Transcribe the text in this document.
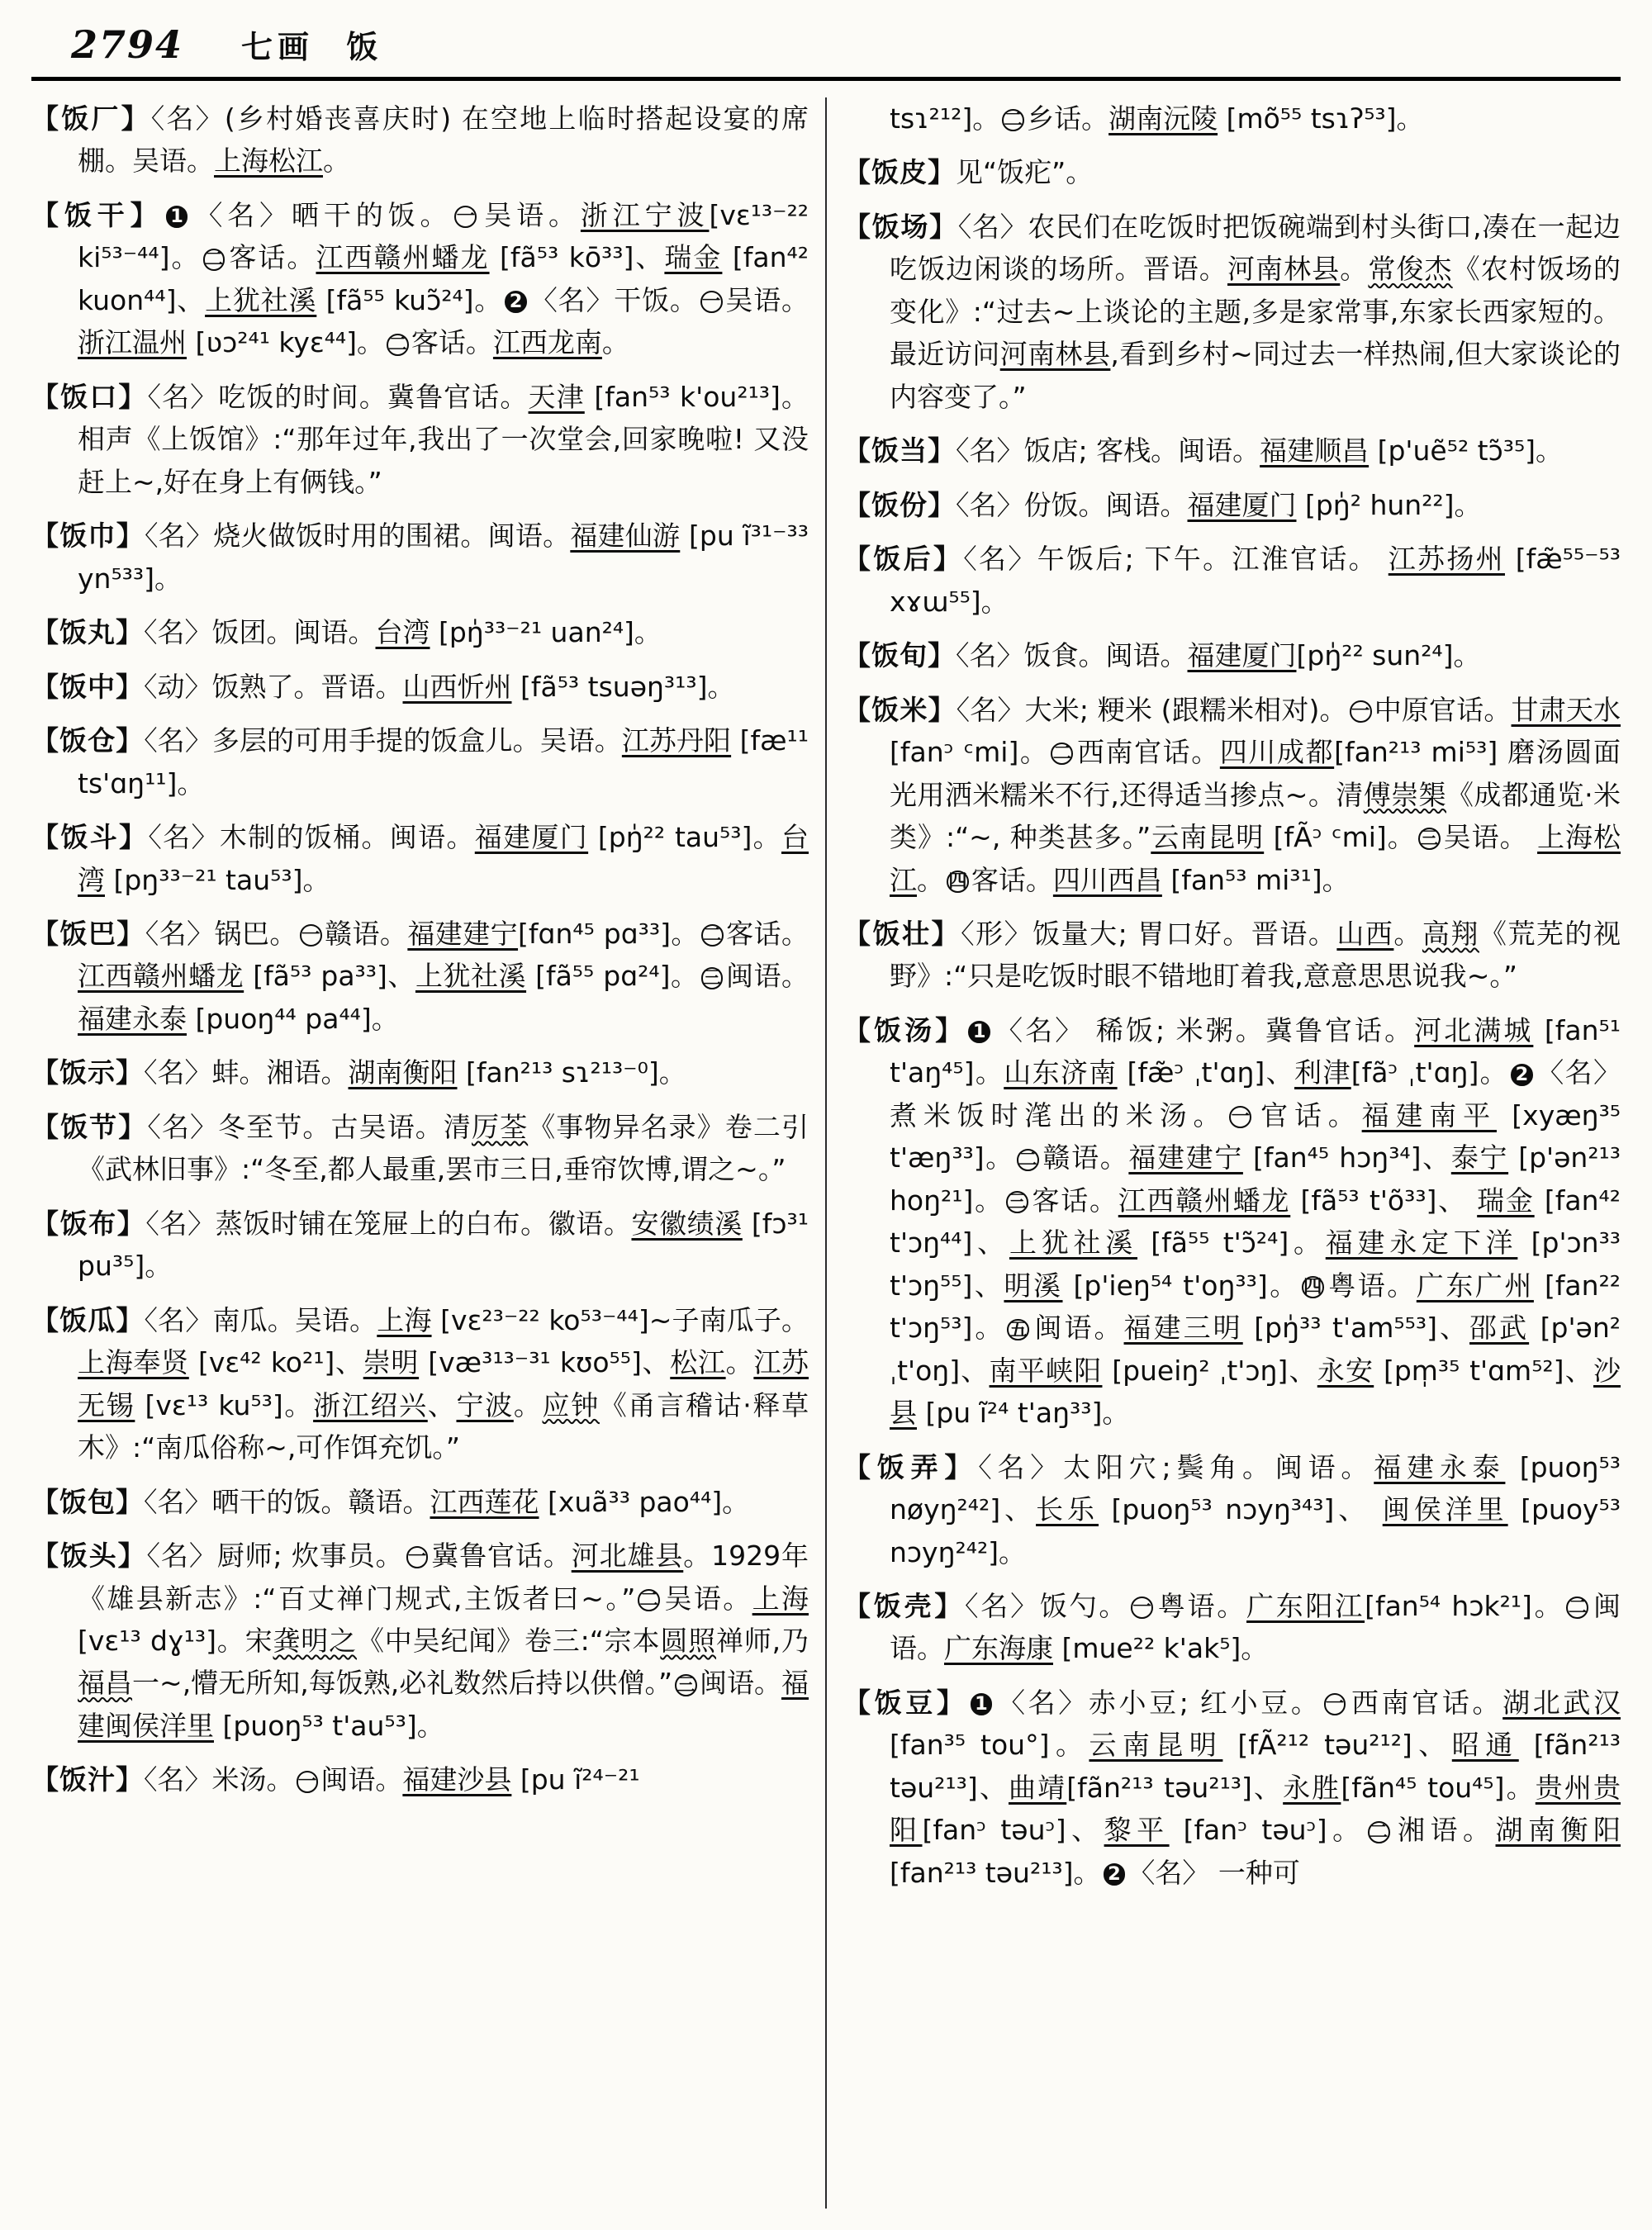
2794 七画 饭
【饭厂】〈名〉(乡村婚丧喜庆时) 在空地上临时搭起设宴的席棚。吴语。上海松江。
【饭干】 1 〈名〉晒干的饭。 一 吴语。浙江宁波[vɛ¹³⁻²² ki⁵³⁻⁴⁴]。 二 客话。江西赣州蟠龙 [fã⁵³ kō³³]、瑞金 [fan⁴² kuon⁴⁴]、上犹社溪 [fã⁵⁵ kuɔ̃²⁴]。 2 〈名〉干饭。 一 吴语。浙江温州 [ʋɔ²⁴¹ kyɛ⁴⁴]。 二 客话。江西龙南。
【饭口】〈名〉吃饭的时间。冀鲁官话。天津 [fan⁵³ k'ou²¹³]。相声《上饭馆》:“那年过年,我出了一次堂会,回家晚啦! 又没赶上~,好在身上有俩钱。”
【饭巾】〈名〉烧火做饭时用的围裙。闽语。福建仙游 [pu ĩ³¹⁻³³ yn⁵³³]。
【饭丸】〈名〉饭团。闽语。台湾 [pŋ̍³³⁻²¹ uan²⁴]。
【饭中】〈动〉饭熟了。晋语。山西忻州 [fã⁵³ tsuəŋ³¹³]。
【饭仓】〈名〉多层的可用手提的饭盒儿。吴语。江苏丹阳 [fæ¹¹ ts'ɑŋ¹¹]。
【饭斗】〈名〉木制的饭桶。闽语。福建厦门 [pŋ̍²² tau⁵³]。台湾 [pŋ³³⁻²¹ tau⁵³]。
【饭巴】〈名〉锅巴。 一 赣语。福建建宁[fɑn⁴⁵ pɑ³³]。 二 客话。江西赣州蟠龙 [fã⁵³ pa³³]、上犹社溪 [fã⁵⁵ pɑ²⁴]。 三 闽语。福建永泰 [puoŋ⁴⁴ pa⁴⁴]。
【饭示】〈名〉蚌。湘语。湖南衡阳 [fan²¹³ sɿ²¹³⁻⁰]。
【饭节】〈名〉冬至节。古吴语。清厉荃《事物异名录》卷二引《武林旧事》:“冬至,都人最重,罢市三日,垂帘饮博,谓之~。”
【饭布】〈名〉蒸饭时铺在笼屉上的白布。徽语。安徽绩溪 [fɔ³¹ pu³⁵]。
【饭瓜】〈名〉南瓜。吴语。上海 [vɛ²³⁻²² ko⁵³⁻⁴⁴]~子南瓜子。上海奉贤 [vɛ⁴² ko²¹]、崇明 [væ³¹³⁻³¹ kʊo⁵⁵]、松江。江苏无锡 [vɛ¹³ ku⁵³]。浙江绍兴、宁波。应钟《甬言稽诂·释草木》:“南瓜俗称~,可作饵充饥。”
【饭包】〈名〉晒干的饭。赣语。江西莲花 [xuã³³ pao⁴⁴]。
【饭头】〈名〉厨师; 炊事员。 一 冀鲁官话。河北雄县。1929年《雄县新志》:“百丈禅门规式,主饭者曰~。” 二 吴语。上海 [vɛ¹³ dɣ¹³]。宋龚明之《中吴纪闻》卷三:“宗本圆照禅师,乃福昌一~,懵无所知,每饭熟,必礼数然后持以供僧。” 三 闽语。福建闽侯洋里 [puoŋ⁵³ t'au⁵³]。
【饭汁】〈名〉米汤。 一 闽语。福建沙县 [pu ĩ²⁴⁻²¹
tsɿ²¹²]。 二 乡话。湖南沅陵 [mõ⁵⁵ tsɿʔ⁵³]。
【饭皮】见“饭疕”。
【饭场】〈名〉农民们在吃饭时把饭碗端到村头街口,凑在一起边吃饭边闲谈的场所。晋语。河南林县。常俊杰《农村饭场的变化》:“过去~上谈论的主题,多是家常事,东家长西家短的。最近访问河南林县,看到乡村~同过去一样热闹,但大家谈论的内容变了。”
【饭当】〈名〉饭店; 客栈。闽语。福建顺昌 [p'uẽ⁵² tɔ̃³⁵]。
【饭份】〈名〉份饭。闽语。福建厦门 [pŋ̍² hun²²]。
【饭后】〈名〉午饭后; 下午。江淮官话。 江苏扬州 [fæ̃⁵⁵⁻⁵³ xɤɯ⁵⁵]。
【饭旬】〈名〉饭食。闽语。福建厦门[pŋ̍²² sun²⁴]。
【饭米】〈名〉大米; 粳米 (跟糯米相对)。 一 中原官话。甘肃天水[fanᵓ ᶜmi]。 二 西南官话。四川成都[fan²¹³ mi⁵³] 磨汤圆面光用洒米糯米不行,还得适当掺点~。清傅崇榘《成都通览·米类》:“~, 种类甚多。”云南昆明 [fÃᵓ ᶜmi]。 三 吴语。 上海松江。 四 客话。四川西昌 [fan⁵³ mi³¹]。
【饭壮】〈形〉饭量大; 胃口好。晋语。山西。高翔《荒芜的视野》:“只是吃饭时眼不错地盯着我,意意思思说我~。”
【饭汤】 1 〈名〉 稀饭; 米粥。冀鲁官话。河北满城 [fan⁵¹ t'aŋ⁴⁵]。山东济南 [fæ̃ᵓ ˌt'ɑŋ]、利津[fãᵓ ˌt'ɑŋ]。 2 〈名〉煮米饭时滗出的米汤。 一 官话。福建南平 [xyæŋ³⁵ t'æŋ³³]。 二 赣语。福建建宁 [fan⁴⁵ hɔŋ³⁴]、泰宁 [p'ən²¹³ hoŋ²¹]。 三 客话。江西赣州蟠龙 [fã⁵³ t'õ³³]、 瑞金 [fan⁴² t'ɔŋ⁴⁴]、上犹社溪 [fã⁵⁵ t'ɔ̃²⁴]。福建永定下洋 [p'ɔn³³ t'ɔŋ⁵⁵]、明溪 [p'ieŋ⁵⁴ t'oŋ³³]。 四 粤语。广东广州 [fan²² t'ɔŋ⁵³]。 五 闽语。福建三明 [pŋ̍³³ t'am⁵⁵³]、邵武 [p'ən² ˌt'oŋ]、南平峡阳 [pueiŋ² ˌt'ɔŋ]、永安 [pm̩³⁵ t'ɑm⁵²]、沙县 [pu ĩ²⁴ t'aŋ³³]。
【饭弄】〈名〉太阳穴;鬓角。闽语。福建永泰 [puoŋ⁵³ nøyŋ²⁴²]、长乐 [puoŋ⁵³ nɔyŋ³⁴³]、 闽侯洋里 [puoy⁵³ nɔyŋ²⁴²]。
【饭壳】〈名〉饭勺。 一 粤语。广东阳江[fan⁵⁴ hɔk²¹]。 二 闽语。广东海康 [mue²² k'ak⁵]。
【饭豆】 1 〈名〉赤小豆; 红小豆。 一 西南官话。湖北武汉 [fan³⁵ tou°]。云南昆明 [fÃ²¹² təu²¹²]、昭通 [fãn²¹³ təu²¹³]、曲靖[fãn²¹³ təu²¹³]、永胜[fãn⁴⁵ tou⁴⁵]。贵州贵阳[fanᵓ təuᵓ]、黎平 [fanᵓ təuᵓ]。 二 湘语。湖南衡阳 [fan²¹³ təu²¹³]。 2 〈名〉 一种可
